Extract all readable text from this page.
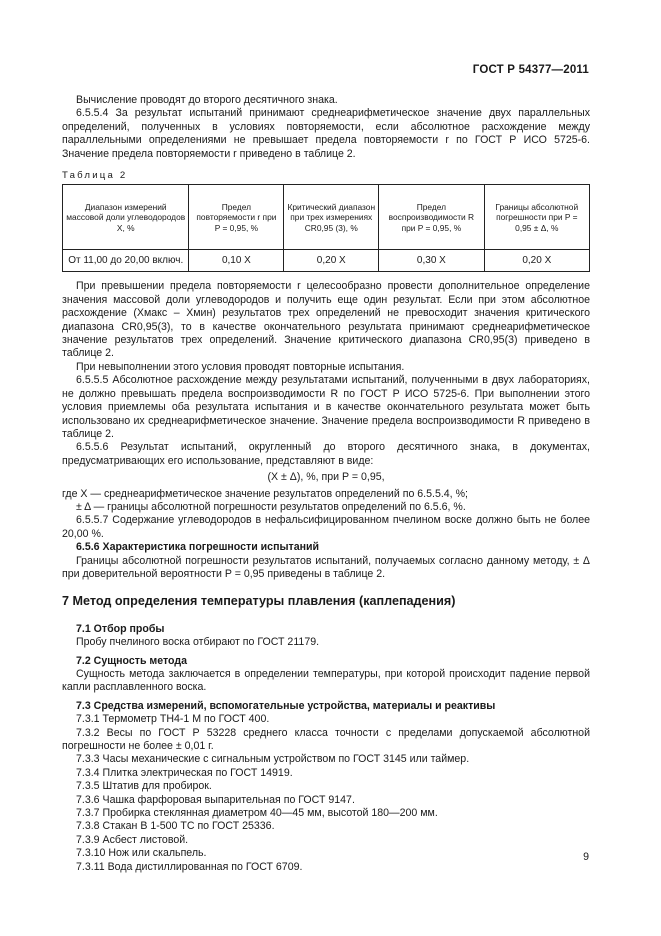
ГОСТ Р 54377—2011

Вычисление проводят до второго десятичного знака.

6.5.5.4 За результат испытаний принимают среднеарифметическое значение двух параллельных определений, полученных в условиях повторяемости, если абсолютное расхождение между параллельными определениями не превышает предела повторяемости r по ГОСТ Р ИСО 5725-6. Значение предела повторяемости r приведено в таблице 2.

Таблица 2
Диапазон измерений массовой доли углеводородов X, %	Предел повторяемости r при P = 0,95, %	Критический диапазон при трех измерениях CR0,95 (3), %	Предел воспроизводимости R при P = 0,95, %	Границы абсолютной погрешности при P = 0,95 ± Δ, %
От 11,00 до 20,00 включ.	0,10 X	0,20 X	0,30 X	0,20 X

При превышении предела повторяемости r целесообразно провести дополнительное определение значения массовой доли углеводородов и получить еще один результат. Если при этом абсолютное расхождение (Xмакс – Xмин) результатов трех определений не превосходит значения критического диапазона CR0,95(3), то в качестве окончательного результата принимают среднеарифметическое значение результатов трех определений. Значение критического диапазона CR0,95(3) приведено в таблице 2.

При невыполнении этого условия проводят повторные испытания.

6.5.5.5 Абсолютное расхождение между результатами испытаний, полученными в двух лабораториях, не должно превышать предела воспроизводимости R по ГОСТ Р ИСО 5725-6. При выполнении этого условия приемлемы оба результата испытания и в качестве окончательного результата может быть использовано их среднеарифметическое значение. Значение предела воспроизводимости R приведено в таблице 2.

6.5.5.6 Результат испытаний, округленный до второго десятичного знака, в документах, предусматривающих его использование, представляют в виде:

(X ± Δ), %, при P = 0,95,

где X — среднеарифметическое значение результатов определений по 6.5.5.4, %;

± Δ — границы абсолютной погрешности результатов определений по 6.5.6, %.

6.5.5.7 Содержание углеводородов в нефальсифицированном пчелином воске должно быть не более 20,00 %.

6.5.6 Характеристика погрешности испытаний

Границы абсолютной погрешности результатов испытаний, получаемых согласно данному методу, ± Δ при доверительной вероятности P = 0,95 приведены в таблице 2.

7 Метод определения температуры плавления (каплепадения)

7.1 Отбор пробы

Пробу пчелиного воска отбирают по ГОСТ 21179.

7.2 Сущность метода

Сущность метода заключается в определении температуры, при которой происходит падение первой капли расплавленного воска.

7.3 Средства измерений, вспомогательные устройства, материалы и реактивы

7.3.1 Термометр ТН4-1 М по ГОСТ 400.

7.3.2 Весы по ГОСТ Р 53228 среднего класса точности с пределами допускаемой абсолютной погрешности не более ± 0,01 г.

7.3.3 Часы механические с сигнальным устройством по ГОСТ 3145 или таймер.

7.3.4 Плитка электрическая по ГОСТ 14919.

7.3.5 Штатив для пробирок.

7.3.6 Чашка фарфоровая выпарительная по ГОСТ 9147.

7.3.7 Пробирка стеклянная диаметром 40—45 мм, высотой 180—200 мм.

7.3.8 Стакан В 1-500 ТС по ГОСТ 25336.

7.3.9 Асбест листовой.

7.3.10 Нож или скальпель.

7.3.11 Вода дистиллированная по ГОСТ 6709.

9
